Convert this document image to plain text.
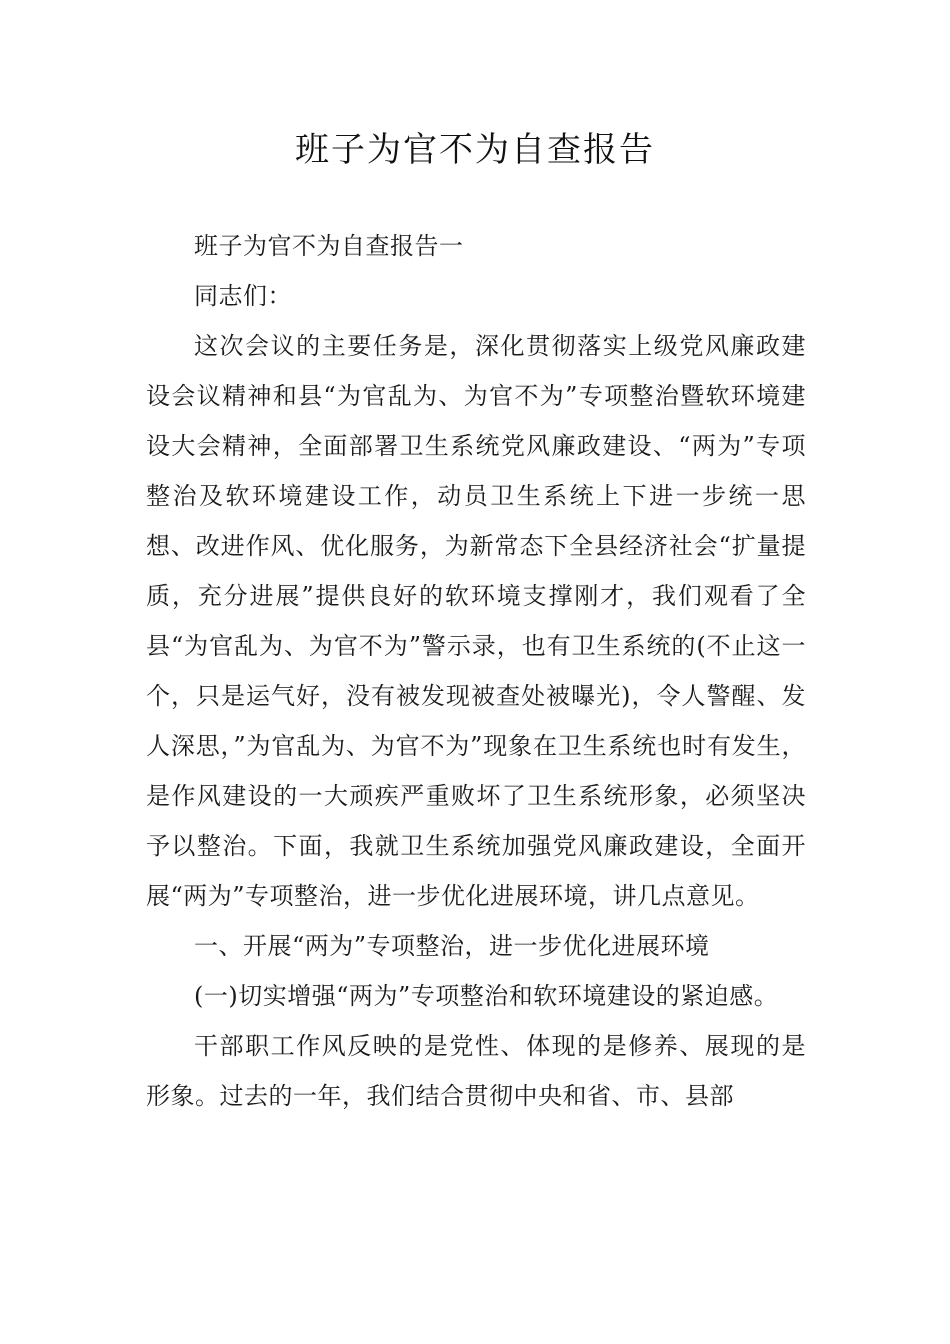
班子为官不为自查报告

班子为官不为自查报告一

同志们：

这次会议的主要任务是，深化贯彻落实上级党风廉政建设会议精神和县“为官乱为、为官不为”专项整治暨软环境建设大会精神，全面部署卫生系统党风廉政建设、“两为”专项整治及软环境建设工作，动员卫生系统上下进一步统一思想、改进作风、优化服务，为新常态下全县经济社会“扩量提质，充分进展”提供良好的软环境支撑刚才，我们观看了全县“为官乱为、为官不为”警示录，也有卫生系统的(不止这一个，只是运气好，没有被发现被查处被曝光)，令人警醒、发人深思，”为官乱为、为官不为”现象在卫生系统也时有发生，是作风建设的一大顽疾严重败坏了卫生系统形象，必须坚决予以整治。下面，我就卫生系统加强党风廉政建设，全面开展“两为”专项整治，进一步优化进展环境，讲几点意见。

一、开展“两为”专项整治，进一步优化进展环境

(一)切实增强“两为”专项整治和软环境建设的紧迫感。

干部职工作风反映的是党性、体现的是修养、展现的是形象。过去的一年，我们结合贯彻中央和省、市、县部
